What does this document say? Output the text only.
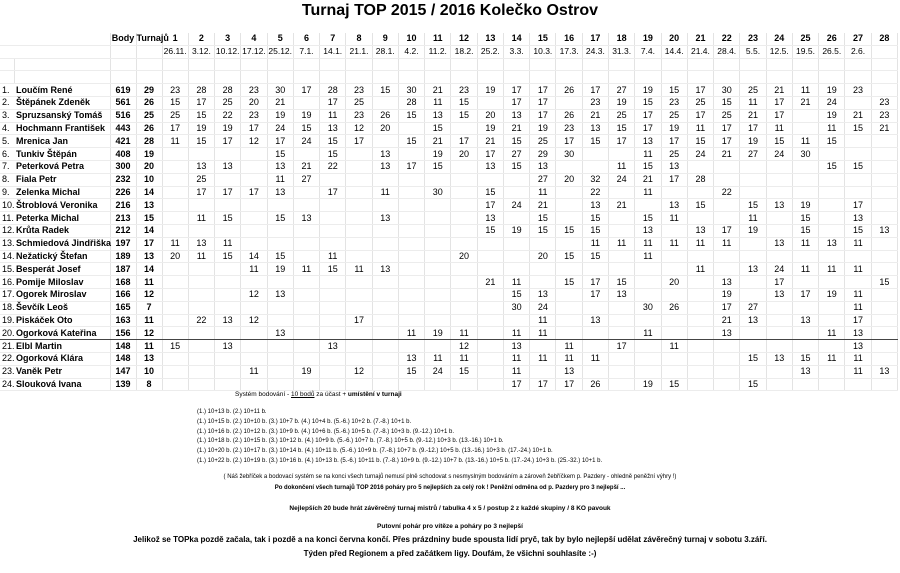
Turnaj TOP 2015 / 2016 Kolečko Ostrov
		Body	Turnajů	1	2	3	4	5	6	7	8	9	10	11	12	13	14	15	16	17	18	19	20	21	22	23	24	25	26	27	28
				26.11.	3.12.	10.12.	17.12.	25.12.	7.1.	14.1.	21.1.	28.1.	4.2.	11.2.	18.2.	25.2.	3.3.	10.3.	17.3.	24.3.	31.3.	7.4.	14.4.	21.4.	28.4.	5.5.	12.5.	19.5.	26.5.	2.6.	

1.	Loučím René	619	29	23	28	28	23	30	17	28	23	15	30	21	23	19	17	17	26	17	27	19	15	17	30	25	21	11	19	23	
2.	Štěpánek Zdeněk	561	26	15	17	25	20	21		17	25		28	11	15		17	17		23	19	15	23	25	15	11	17	21	24		23
3.	Spruzsanský Tomáš	516	25	25	15	22	23	19	19	11	23	26	15	13	15	20	13	17	26	21	25	17	25	17	25	21	17		19	21	23
4.	Hochmann František	443	26	17	19	19	17	24	15	13	12	20		15		19	21	19	23	13	15	17	19	11	17	17	11		11	15	21
5.	Mrenica Jan	421	28	11	15	17	12	17	24	15	17		15	21	17	21	15	25	17	15	17	13	17	15	17	19	15	11	15		
6.	Tunkiv Štěpán	408	19					15		15		13		19	20	17	27	29	30			11	25	24	21	27	24	30			
7.	Peterková Petra	300	20		13	13		13	21	22		13	17	15		13	15	13			11	15	13						15	15	
8.	Fiala Petr	232	10		25			11	27									27	20	32	24	21	17	28							
9.	Zelenka Michal	226	14		17	17	17	13		17		11		30		15		11		22		11			22						
10.	Štroblová Veronika	216	13													17	24	21		13	21		13	15		15	13	19		17	
11.	Peterka Michal	213	15		11	15		15	13			13				13		15		15		15	11			11		15		13	
12.	Krůta Radek	212	14													15	19	15	15	15		13		13	17	19		15		15	13
13.	Schmiedová Jindřiška	197	17	11	13	11														11	11	11	11	11	11		13	11	13	11	
14.	Nežatický Štefan	189	13	20	11	15	14	15		11					20			20	15	15		11									
15.	Besperát Josef	187	14				11	19	11	15	11	13												11		13	24	11	11	11	
16.	Pomije Miloslav	168	11													21	11		15	17	15		20		13		17				15
17.	Ogorek Miroslav	166	12				12	13									15	13		17	13				19		13	17	19	11	
18.	Ševčík Leoš	165	7														30	24				30	26		17	27				11	
19.	Piskáček Oto	163	11		22	13	12				17							11		13					21	13		13		17	
20.	Ogorková Kateřina	156	12					13					11	19	11		11	11				11			13				11	13	
21.	Elbl Martin	148	11	15		13				13					12		13		11		17		11							13	
22.	Ogorková Klára	148	13										13	11	11		11	11	11	11						15	13	15	11	11	
23.	Vaněk Petr	147	10				11		19		12		15	24	15		11		13									13		11	13
24.	Slouková Ivana	139	8														17	17	17	26		19	15			15					
Systém bodování - 10 bodů za účast + umístění v turnaji
(1.) 10+13 b. (2.) 10+11 b.
(1.) 10+15 b. (2.) 10+10 b. (3.) 10+7 b. (4.) 10+4 b. (5.-6.) 10+2 b. (7.-8.) 10+1 b.
(1.) 10+16 b. (2.) 10+12 b. (3.) 10+9 b. (4.) 10+6 b. (5.-6.) 10+5 b. (7.-8.) 10+3 b. (9.-12.) 10+1 b.
(1.) 10+18 b. (2.) 10+15 b. (3.) 10+12 b. (4.) 10+9 b. (5.-6.) 10+7 b. (7.-8.) 10+5 b. (9.-12.) 10+3 b. (13.-16.) 10+1 b.
(1.) 10+20 b. (2.) 10+17 b. (3.) 10+14 b. (4.) 10+11 b. (5.-6.) 10+9 b. (7.-8.) 10+7 b. (9.-12.) 10+5 b. (13.-16.) 10+3 b. (17.-24.) 10+1 b.
(1.) 10+22 b. (2.) 10+19 b. (3.) 10+16 b. (4.) 10+13 b. (5.-6.) 10+11 b. (7.-8.) 10+9 b. (9.-12.) 10+7 b. (13.-16.) 10+5 b. (17.-24.) 10+3 b. (25.-32.) 10+1 b.
( Náš žebříček a bodovací systém se na konci všech turnajů nemusí plně schodovat s nesmyslným bodováním a zároveň žebříčkem p. Pazdery - ohledně peněžní výhry !)
Po dokončení všech turnajů TOP 2016 poháry pro 5 nejlepších za celý rok ! Peněžní odměna od p. Pazdery pro 3 nejlepší ...
Nejlepších 20 bude hrát závěrečný turnaj mistrů / tabulka 4 x 5 / postup 2 z každé skupiny / 8 KO pavouk
Putovní pohár pro vítěze a poháry po 3 nejlepší
Jelikož se TOPka pozdě začala, tak i pozdě a na konci června končí. Přes prázdniny bude spousta lidí pryč, tak by bylo nejlepší udělat závěrečný turnaj v sobotu 3.září.
Týden před Regionem a před začátkem ligy. Doufám, že všichni souhlasíte :-)
